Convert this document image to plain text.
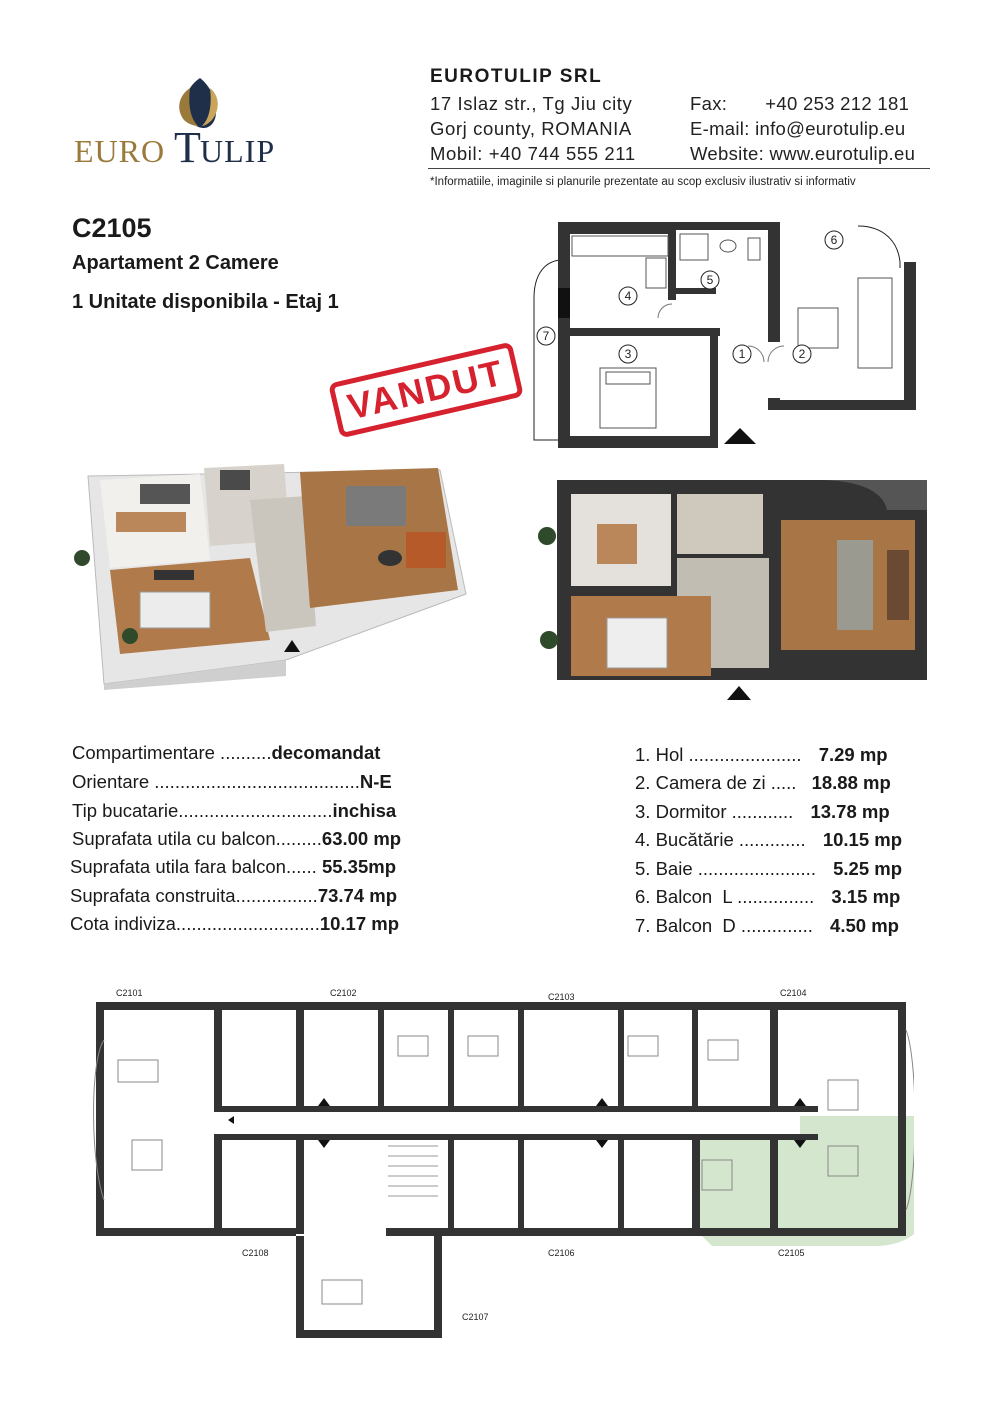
EURO T ULIP
EUROTULIP SRL
17 Islaz str., Tg Jiu city
Gorj county, ROMANIA
Mobil: +40 744 555 211
Fax:       +40 253 212 181
E-mail: info@eurotulip.eu
Website: www.eurotulip.eu
*Informatiile, imaginile si planurile prezentate au scop exclusiv ilustrativ si informativ
C2105
Apartament 2 Camere
1 Unitate disponibila - Etaj 1
VANDUT	1	2
3
4
5
6
7
Compartimentare ..........decomandat
Orientare ........................................N-E
Tip bucatarie..............................inchisa
Suprafata utila cu balcon.........63.00 mp
Suprafata utila fara balcon...... 55.35mp
Suprafata construita................73.74 mp
Cota indiviza............................10.17 mp
1. Hol ...................... 7.29 mp
2. Camera de zi ..... 18.88 mp
3. Dormitor ............ 13.78 mp
4. Bucătărie ............. 10.15 mp
5. Baie ....................... 5.25 mp
6. Balcon  L ............... 3.15 mp
7. Balcon  D .............. 4.50 mp
C2101	C2102	C2103	C2104
C2105
C2106
C2107
C2108
